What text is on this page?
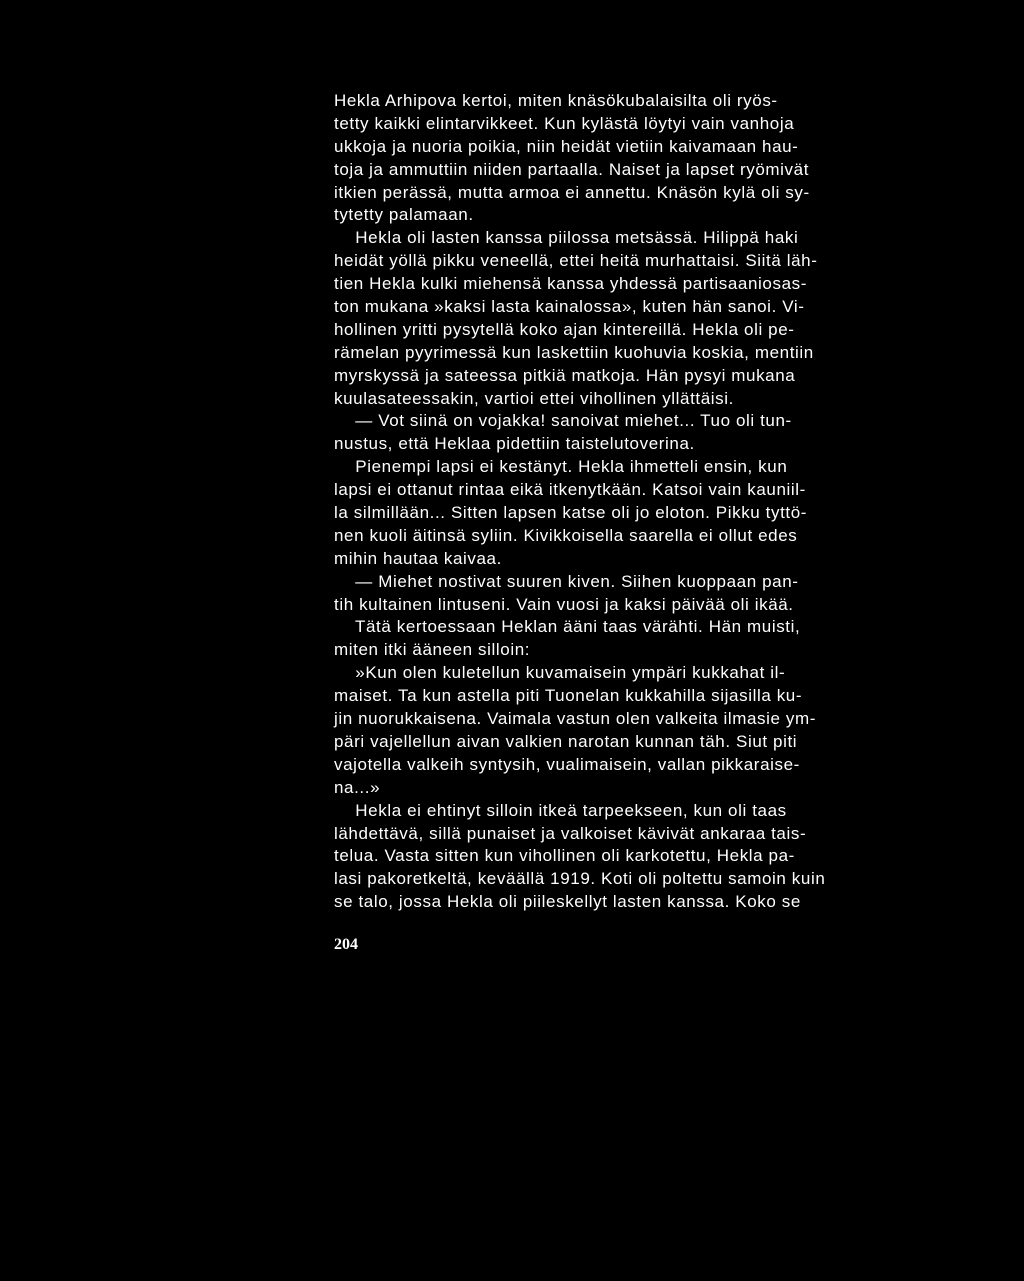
Hekla Arhipova kertoi, miten knäsökubalaisilta oli ryös-
tetty kaikki elintarvikkeet. Kun kylästä löytyi vain vanhoja
ukkoja ja nuoria poikia, niin heidät vietiin kaivamaan hau-
toja ja ammuttiin niiden partaalla. Naiset ja lapset ryömivät
itkien perässä, mutta armoa ei annettu. Knäsön kylä oli sy-
tytetty palamaan.
Hekla oli lasten kanssa piilossa metsässä. Hilippä haki
heidät yöllä pikku veneellä, ettei heitä murhattaisi. Siitä läh-
tien Hekla kulki miehensä kanssa yhdessä partisaaniosas-
ton mukana »kaksi lasta kainalossa», kuten hän sanoi. Vi-
hollinen yritti pysytellä koko ajan kintereillä. Hekla oli pe-
rämelan pyyrimessä kun laskettiin kuohuvia koskia, mentiin
myrskyssä ja sateessa pitkiä matkoja. Hän pysyi mukana
kuulasateessakin, vartioi ettei vihollinen yllättäisi.
— Vot siinä on vojakka! sanoivat miehet... Tuo oli tun-
nustus, että Heklaa pidettiin taistelutoverina.
Pienempi lapsi ei kestänyt. Hekla ihmetteli ensin, kun
lapsi ei ottanut rintaa eikä itkenytkään. Katsoi vain kauniil-
la silmillään... Sitten lapsen katse oli jo eloton. Pikku tyttö-
nen kuoli äitinsä syliin. Kivikkoisella saarella ei ollut edes
mihin hautaa kaivaa.
— Miehet nostivat suuren kiven. Siihen kuoppaan pan-
tih kultainen lintuseni. Vain vuosi ja kaksi päivää oli ikää.
Tätä kertoessaan Heklan ääni taas värähti. Hän muisti,
miten itki ääneen silloin:
»Kun olen kuletellun kuvamaisein ympäri kukkahat il-
maiset. Ta kun astella piti Tuonelan kukkahilla sijasilla ku-
jin nuorukkaisena. Vaimala vastun olen valkeita ilmasie ym-
päri vajellellun aivan valkien narotan kunnan täh. Siut piti
vajotella valkeih syntysih, vualimaisein, vallan pikkaraise-
na...»
Hekla ei ehtinyt silloin itkeä tarpeekseen, kun oli taas
lähdettävä, sillä punaiset ja valkoiset kävivät ankaraa tais-
telua. Vasta sitten kun vihollinen oli karkotettu, Hekla pa-
lasi pakoretkeltä, keväällä 1919. Koti oli poltettu samoin kuin
se talo, jossa Hekla oli piileskellyt lasten kanssa. Koko se
204
